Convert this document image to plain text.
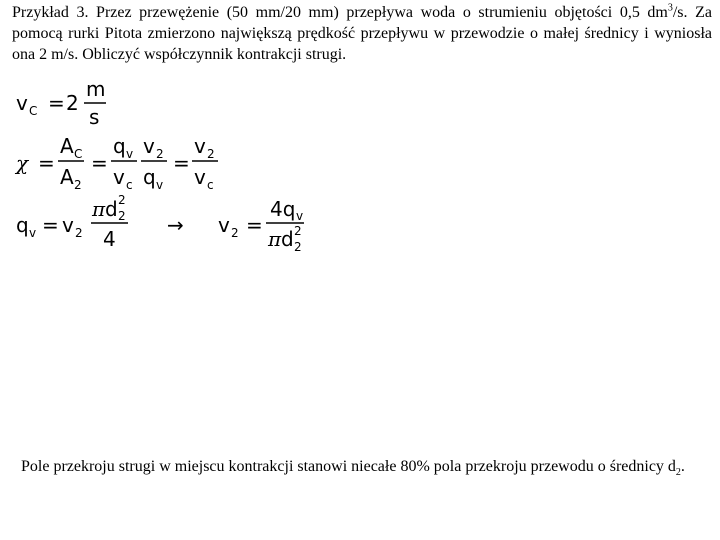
Przykład 3. Przez przewężenie (50 mm/20 mm) przepływa woda o strumieniu objętości 0,5 $dm^3/s$. Za pomocą rurki Pitota zmierzono największą prędkość przepływu w przewodzie o małej średnicy i wyniosła ona 2 m/s. Obliczyć współczynnik kontrakcji strugi.
v C = 2
m
s
χ =
A C
A 2
=
q v
v c
v 2
q v
=
v 2
v c
q v = v 2
π d 2
2
4
→ v 2 =
4q v
π d 2
2
Pole przekroju strugi w miejscu kontrakcji stanowi niecałe 80% pola przekroju przewodu o średnicy $d_2$.
